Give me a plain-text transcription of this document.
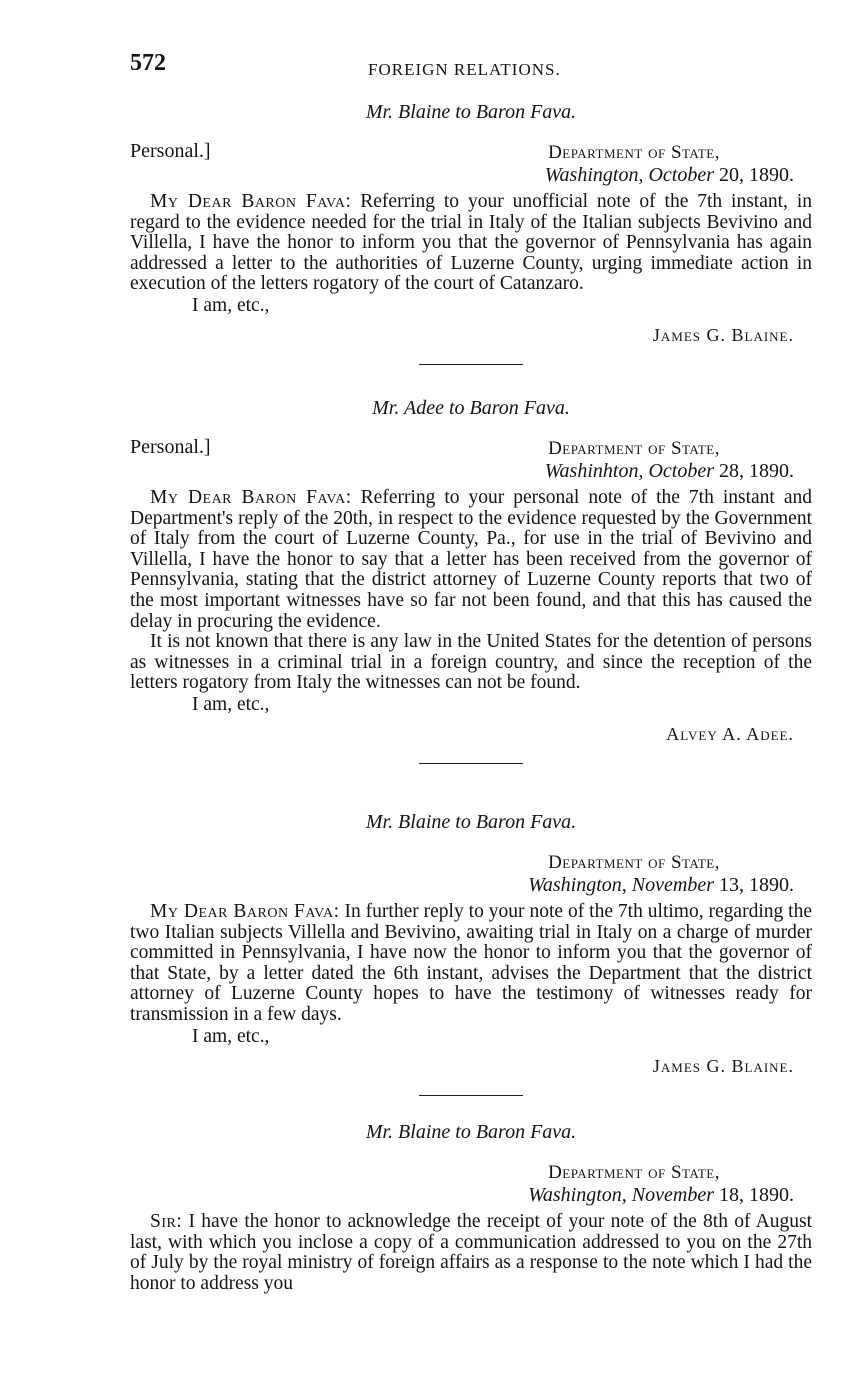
572	FOREIGN RELATIONS.

Mr. Blaine to Baron Fava.

Personal.]	Department of State,
Washington, October 20, 1890.

My Dear Baron Fava: Referring to your unofficial note of the 7th instant, in regard to the evidence needed for the trial in Italy of the Italian subjects Bevivino and Villella, I have the honor to inform you that the governor of Pennsylvania has again addressed a letter to the authorities of Luzerne County, urging immediate action in execution of the letters rogatory of the court of Catanzaro.

I am, etc.,

James G. Blaine.

Mr. Adee to Baron Fava.

Personal.]	Department of State,
Washinhton, October 28, 1890.

My Dear Baron Fava: Referring to your personal note of the 7th instant and Department's reply of the 20th, in respect to the evidence requested by the Government of Italy from the court of Luzerne County, Pa., for use in the trial of Bevivino and Villella, I have the honor to say that a letter has been received from the governor of Pennsylvania, stating that the district attorney of Luzerne County reports that two of the most important witnesses have so far not been found, and that this has caused the delay in procuring the evidence.

It is not known that there is any law in the United States for the detention of persons as witnesses in a criminal trial in a foreign country, and since the reception of the letters rogatory from Italy the witnesses can not be found.

I am, etc.,

Alvey A. Adee.

Mr. Blaine to Baron Fava.

Department of State,
Washington, November 13, 1890.

My Dear Baron Fava: In further reply to your note of the 7th ultimo, regarding the two Italian subjects Villella and Bevivino, awaiting trial in Italy on a charge of murder committed in Pennsylvania, I have now the honor to inform you that the governor of that State, by a letter dated the 6th instant, advises the Department that the district attorney of Luzerne County hopes to have the testimony of witnesses ready for transmission in a few days.

I am, etc.,

James G. Blaine.

Mr. Blaine to Baron Fava.

Department of State,
Washington, November 18, 1890.

Sir: I have the honor to acknowledge the receipt of your note of the 8th of August last, with which you inclose a copy of a communication addressed to you on the 27th of July by the royal ministry of foreign affairs as a response to the note which I had the honor to address you
